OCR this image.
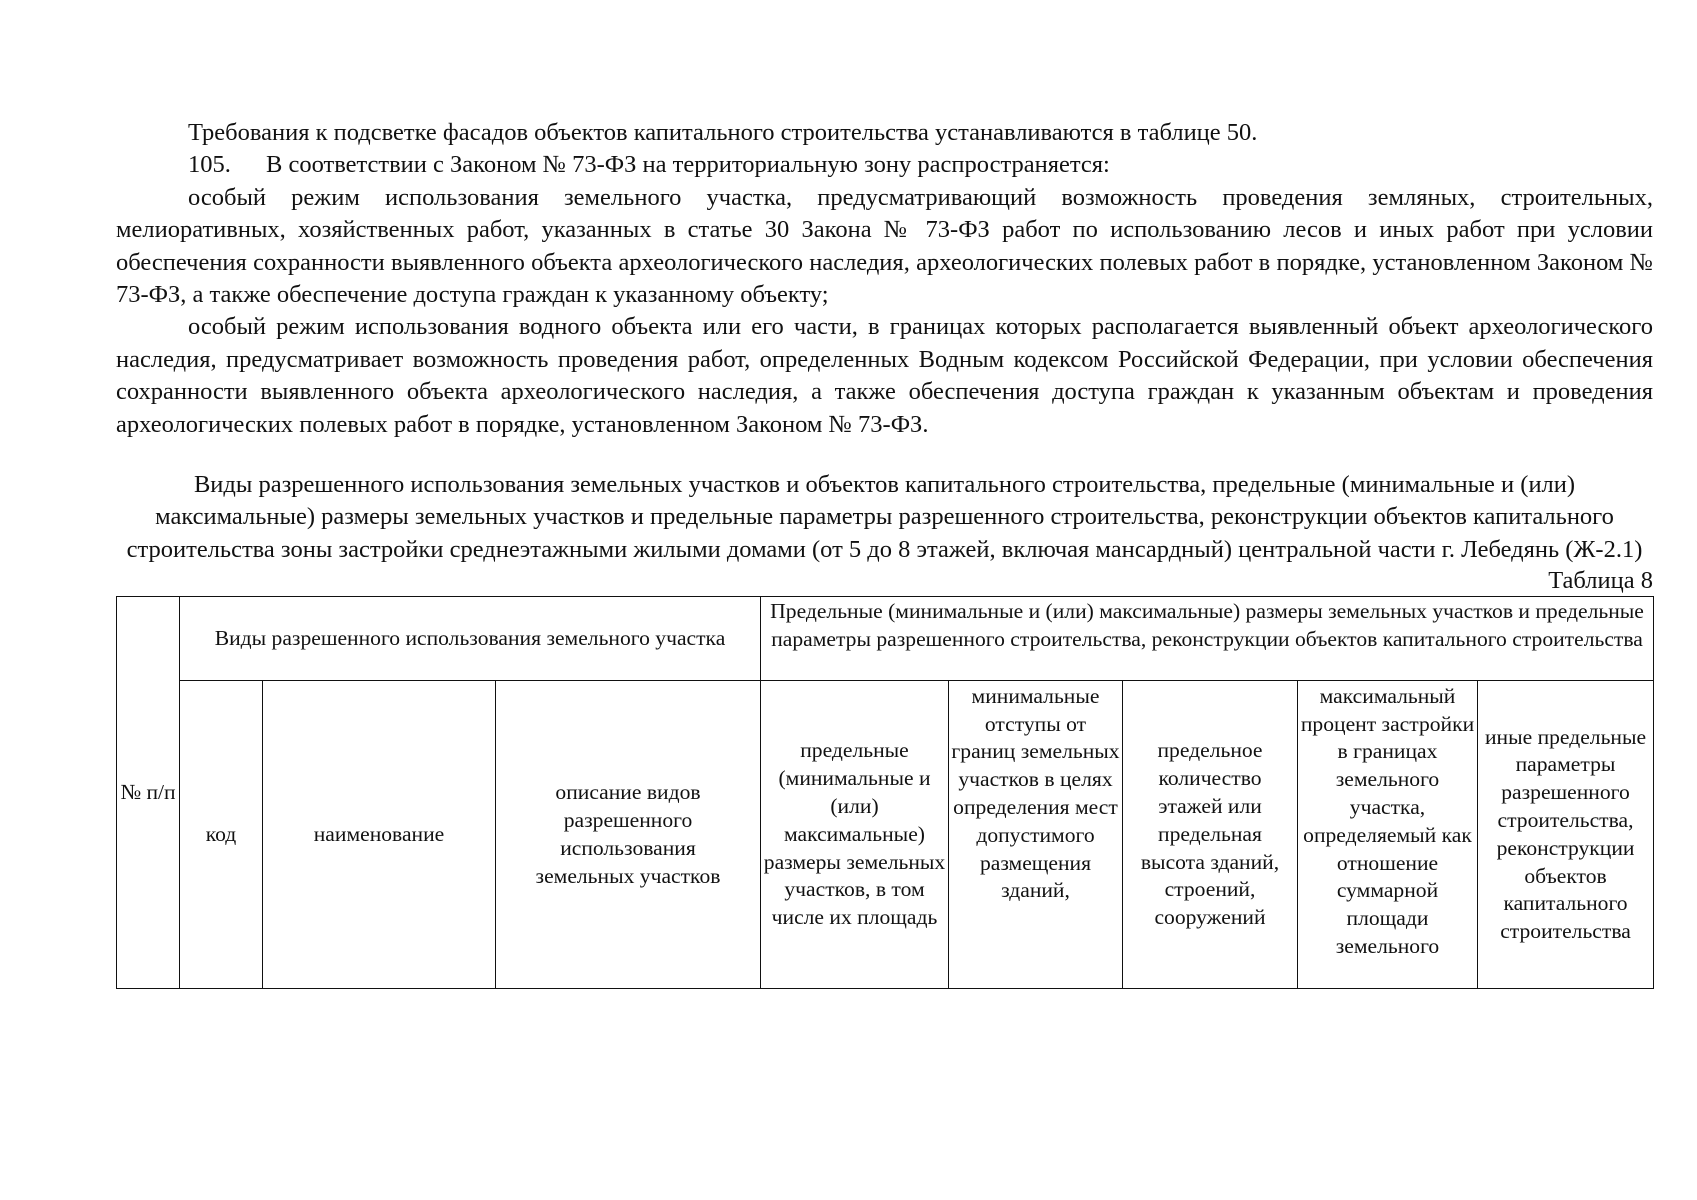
Требования к подсветке фасадов объектов капитального строительства устанавливаются в таблице 50.

105. В соответствии с Законом № 73-ФЗ на территориальную зону распространяется:

особый режим использования земельного участка, предусматривающий возможность проведения земляных, строительных, мелиоративных, хозяйственных работ, указанных в статье 30 Закона № 73-ФЗ работ по использованию лесов и иных работ при условии обеспечения сохранности выявленного объекта археологического наследия, археологических полевых работ в порядке, установленном Законом № 73-ФЗ, а также обеспечение доступа граждан к указанному объекту;

особый режим использования водного объекта или его части, в границах которых располагается выявленный объект археологического наследия, предусматривает возможность проведения работ, определенных Водным кодексом Российской Федерации, при условии обеспечения сохранности выявленного объекта археологического наследия, а также обеспечения доступа граждан к указанным объектам и проведения археологических полевых работ в порядке, установленном Законом № 73-ФЗ.

Виды разрешенного использования земельных участков и объектов капитального строительства, предельные (минимальные и (или) максимальные) размеры земельных участков и предельные параметры разрешенного строительства, реконструкции объектов капитального строительства зоны застройки среднеэтажными жилыми домами (от 5 до 8 этажей, включая мансардный) центральной части г. Лебедянь (Ж-2.1)

Таблица 8

№ п/п	Виды разрешенного использования земельного участка			Предельные (минимальные и (или) максимальные) размеры земельных участков и предельные параметры разрешенного строительства, реконструкции объектов капитального строительства				

	код	наименование	описание видов разрешенного использования земельных участков	предельные (минимальные и (или) максимальные) размеры земельных участков, в том числе их площадь	минимальные отступы от границ земельных участков в целях определения мест допустимого размещения зданий,	предельное количество этажей или предельная высота зданий, строений, сооружений	максимальный процент застройки в границах земельного участка, определяемый как отношение суммарной площади земельного	иные предельные параметры разрешенного строительства, реконструкции объектов капитального строительства
